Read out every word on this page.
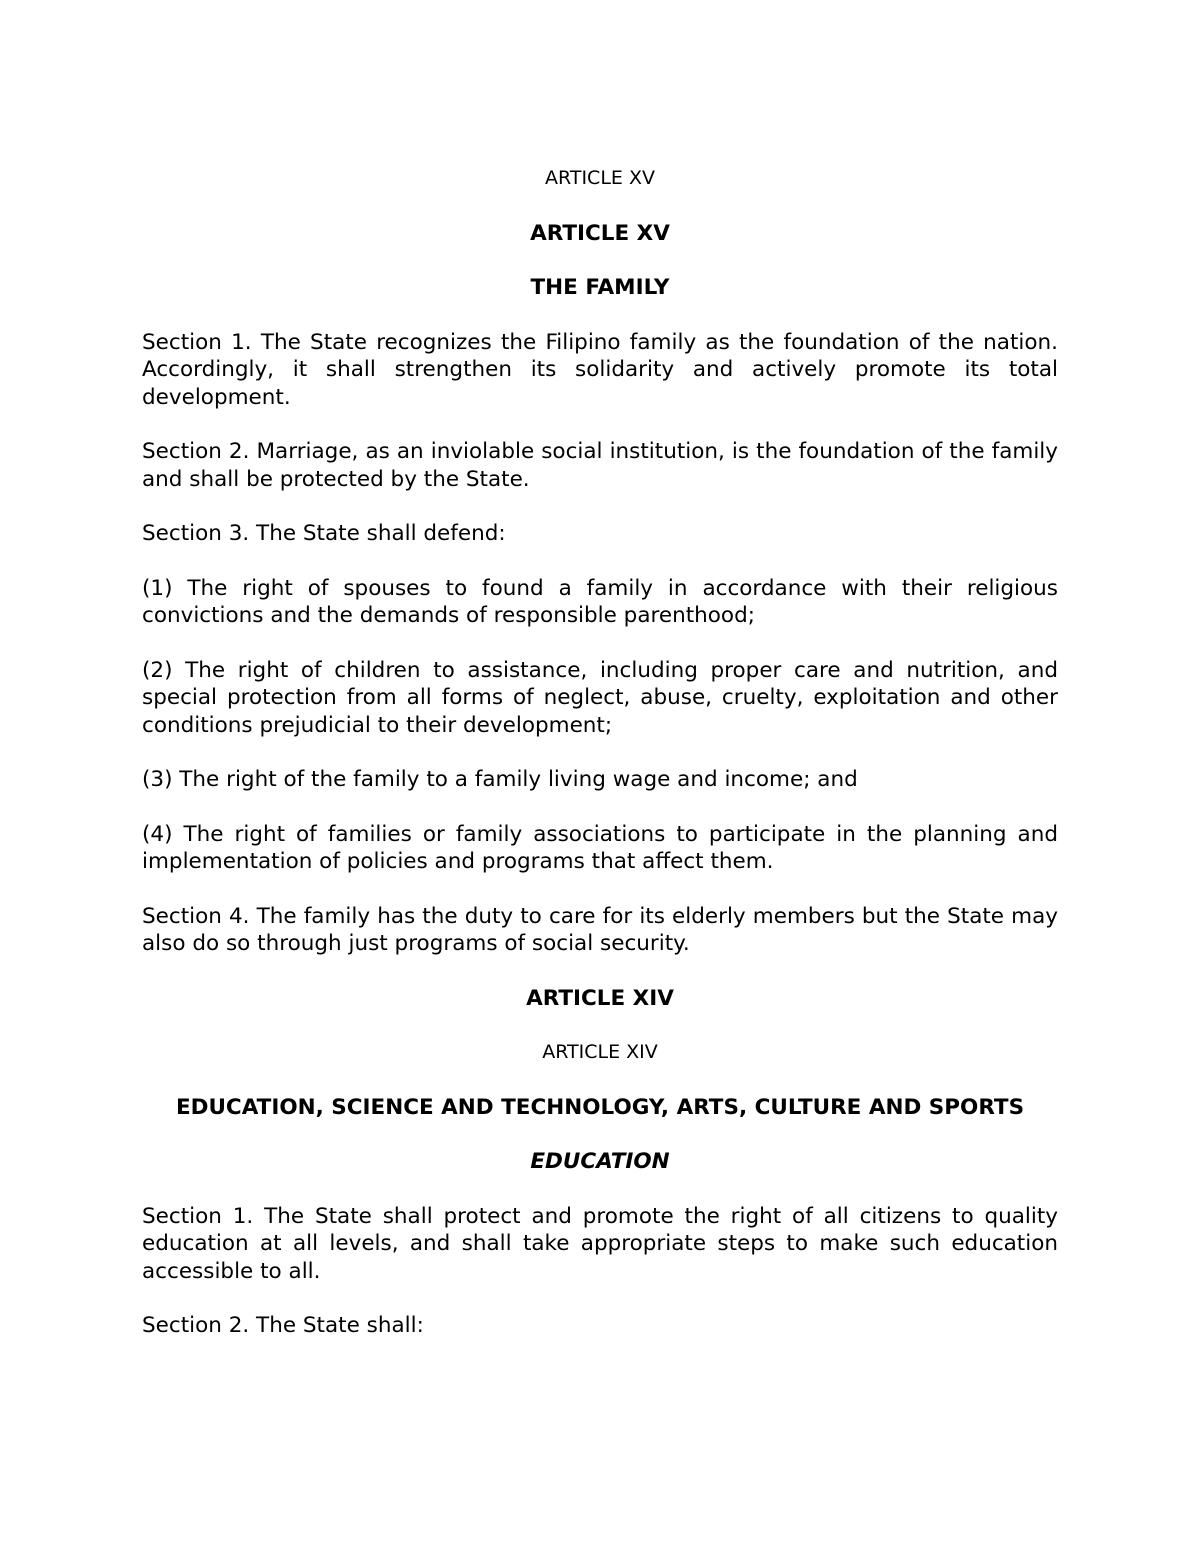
ARTICLE XV
ARTICLE XV
THE FAMILY

Section 1. The State recognizes the Filipino family as the foundation of the nation. Accordingly, it shall strengthen its solidarity and actively promote its total development.

Section 2. Marriage, as an inviolable social institution, is the foundation of the family and shall be protected by the State.

Section 3. The State shall defend:

(1) The right of spouses to found a family in accordance with their religious convictions and the demands of responsible parenthood;

(2) The right of children to assistance, including proper care and nutrition, and special protection from all forms of neglect, abuse, cruelty, exploitation and other conditions prejudicial to their development;

(3) The right of the family to a family living wage and income; and

(4) The right of families or family associations to participate in the planning and implementation of policies and programs that affect them.

Section 4. The family has the duty to care for its elderly members but the State may also do so through just programs of social security.

ARTICLE XIV
ARTICLE XIV
EDUCATION, SCIENCE AND TECHNOLOGY, ARTS, CULTURE AND SPORTS
EDUCATION

Section 1. The State shall protect and promote the right of all citizens to quality education at all levels, and shall take appropriate steps to make such education accessible to all.

Section 2. The State shall:
